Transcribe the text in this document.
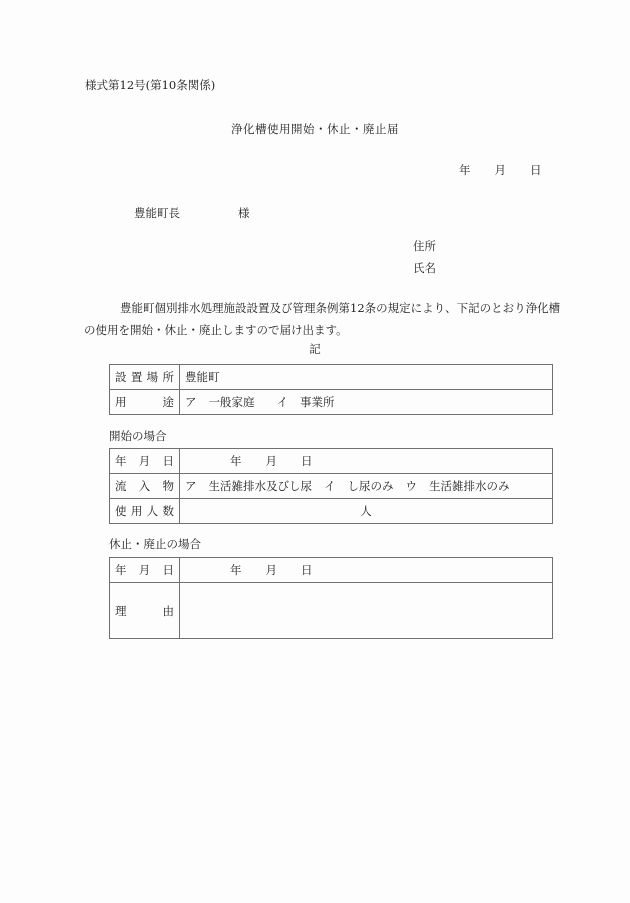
様式第12号(第10条関係)
浄化槽使用開始・休止・廃止届
年 月 日
豊能町長	様
住所
氏名
豊能町個別排水処理施設設置及び管理条例第12条の規定により、下記のとおり浄化槽
の使用を開始・休止・廃止しますので届け出ます。
記
設 置 場 所	豊能町

用 途	ア 一般家庭 イ 事業所
開始の場合
年 月 日	年 月 日

流 入 物	ア 生活雑排水及びし尿 イ し尿のみ ウ 生活雑排水のみ

使 用 人 数	人
休止・廃止の場合
年 月 日	年 月 日

理 由	
